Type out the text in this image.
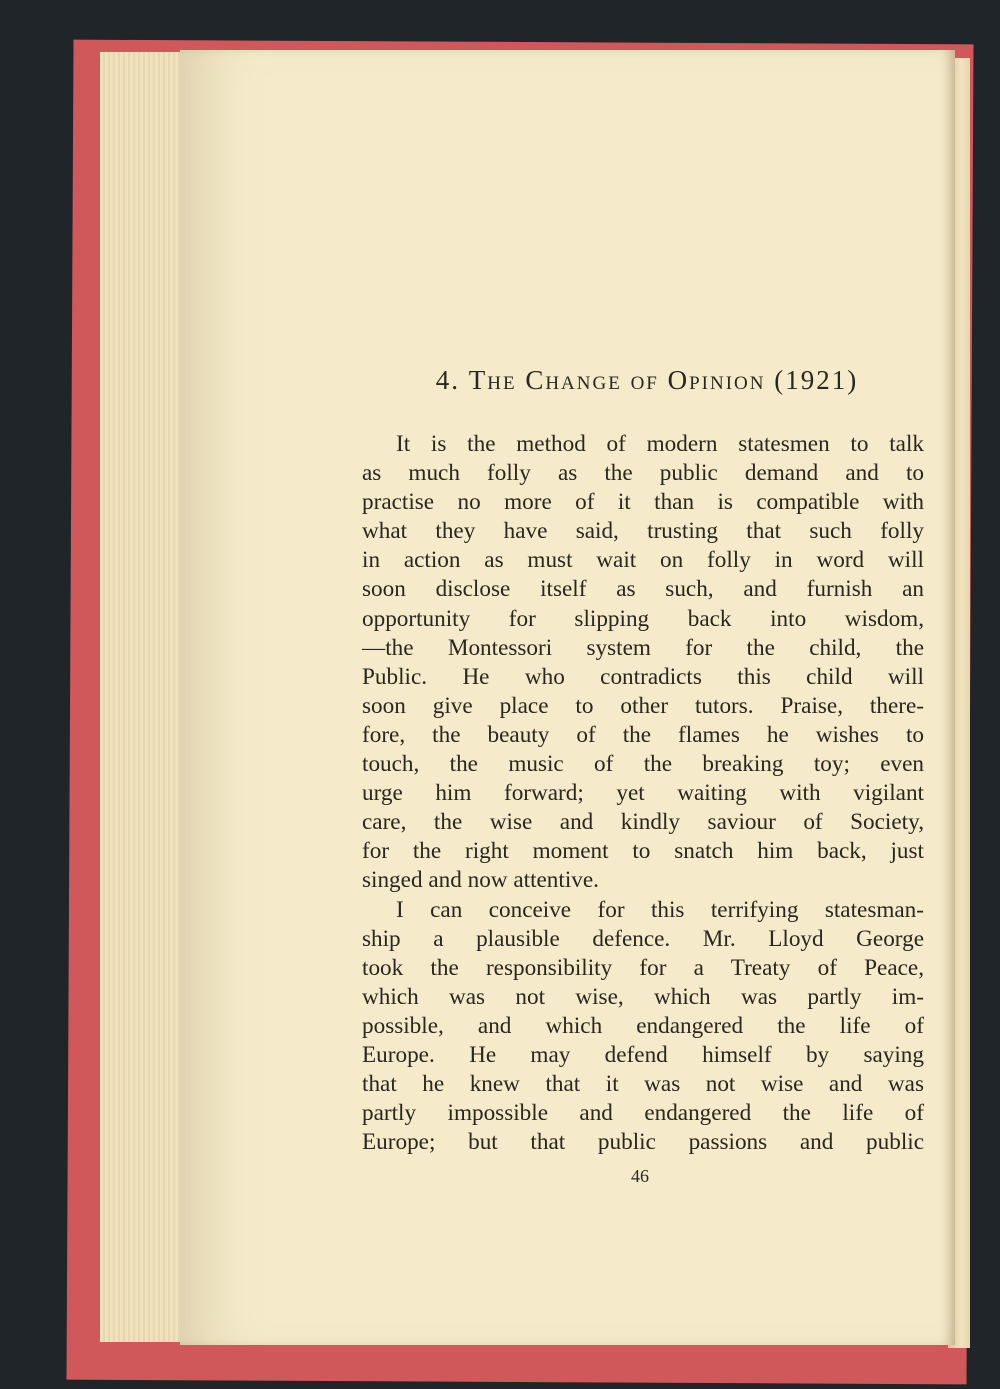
4. The Change of Opinion (1921)
It is the method of modern statesmen to talk
as much folly as the public demand and to
practise no more of it than is compatible with
what they have said, trusting that such folly
in action as must wait on folly in word will
soon disclose itself as such, and furnish an
opportunity for slipping back into wisdom,
—the Montessori system for the child, the
Public. He who contradicts this child will
soon give place to other tutors. Praise, there-
fore, the beauty of the flames he wishes to
touch, the music of the breaking toy; even
urge him forward; yet waiting with vigilant
care, the wise and kindly saviour of Society,
for the right moment to snatch him back, just
singed and now attentive.
I can conceive for this terrifying statesman-
ship a plausible defence. Mr. Lloyd George
took the responsibility for a Treaty of Peace,
which was not wise, which was partly im-
possible, and which endangered the life of
Europe. He may defend himself by saying
that he knew that it was not wise and was
partly impossible and endangered the life of
Europe; but that public passions and public
46
